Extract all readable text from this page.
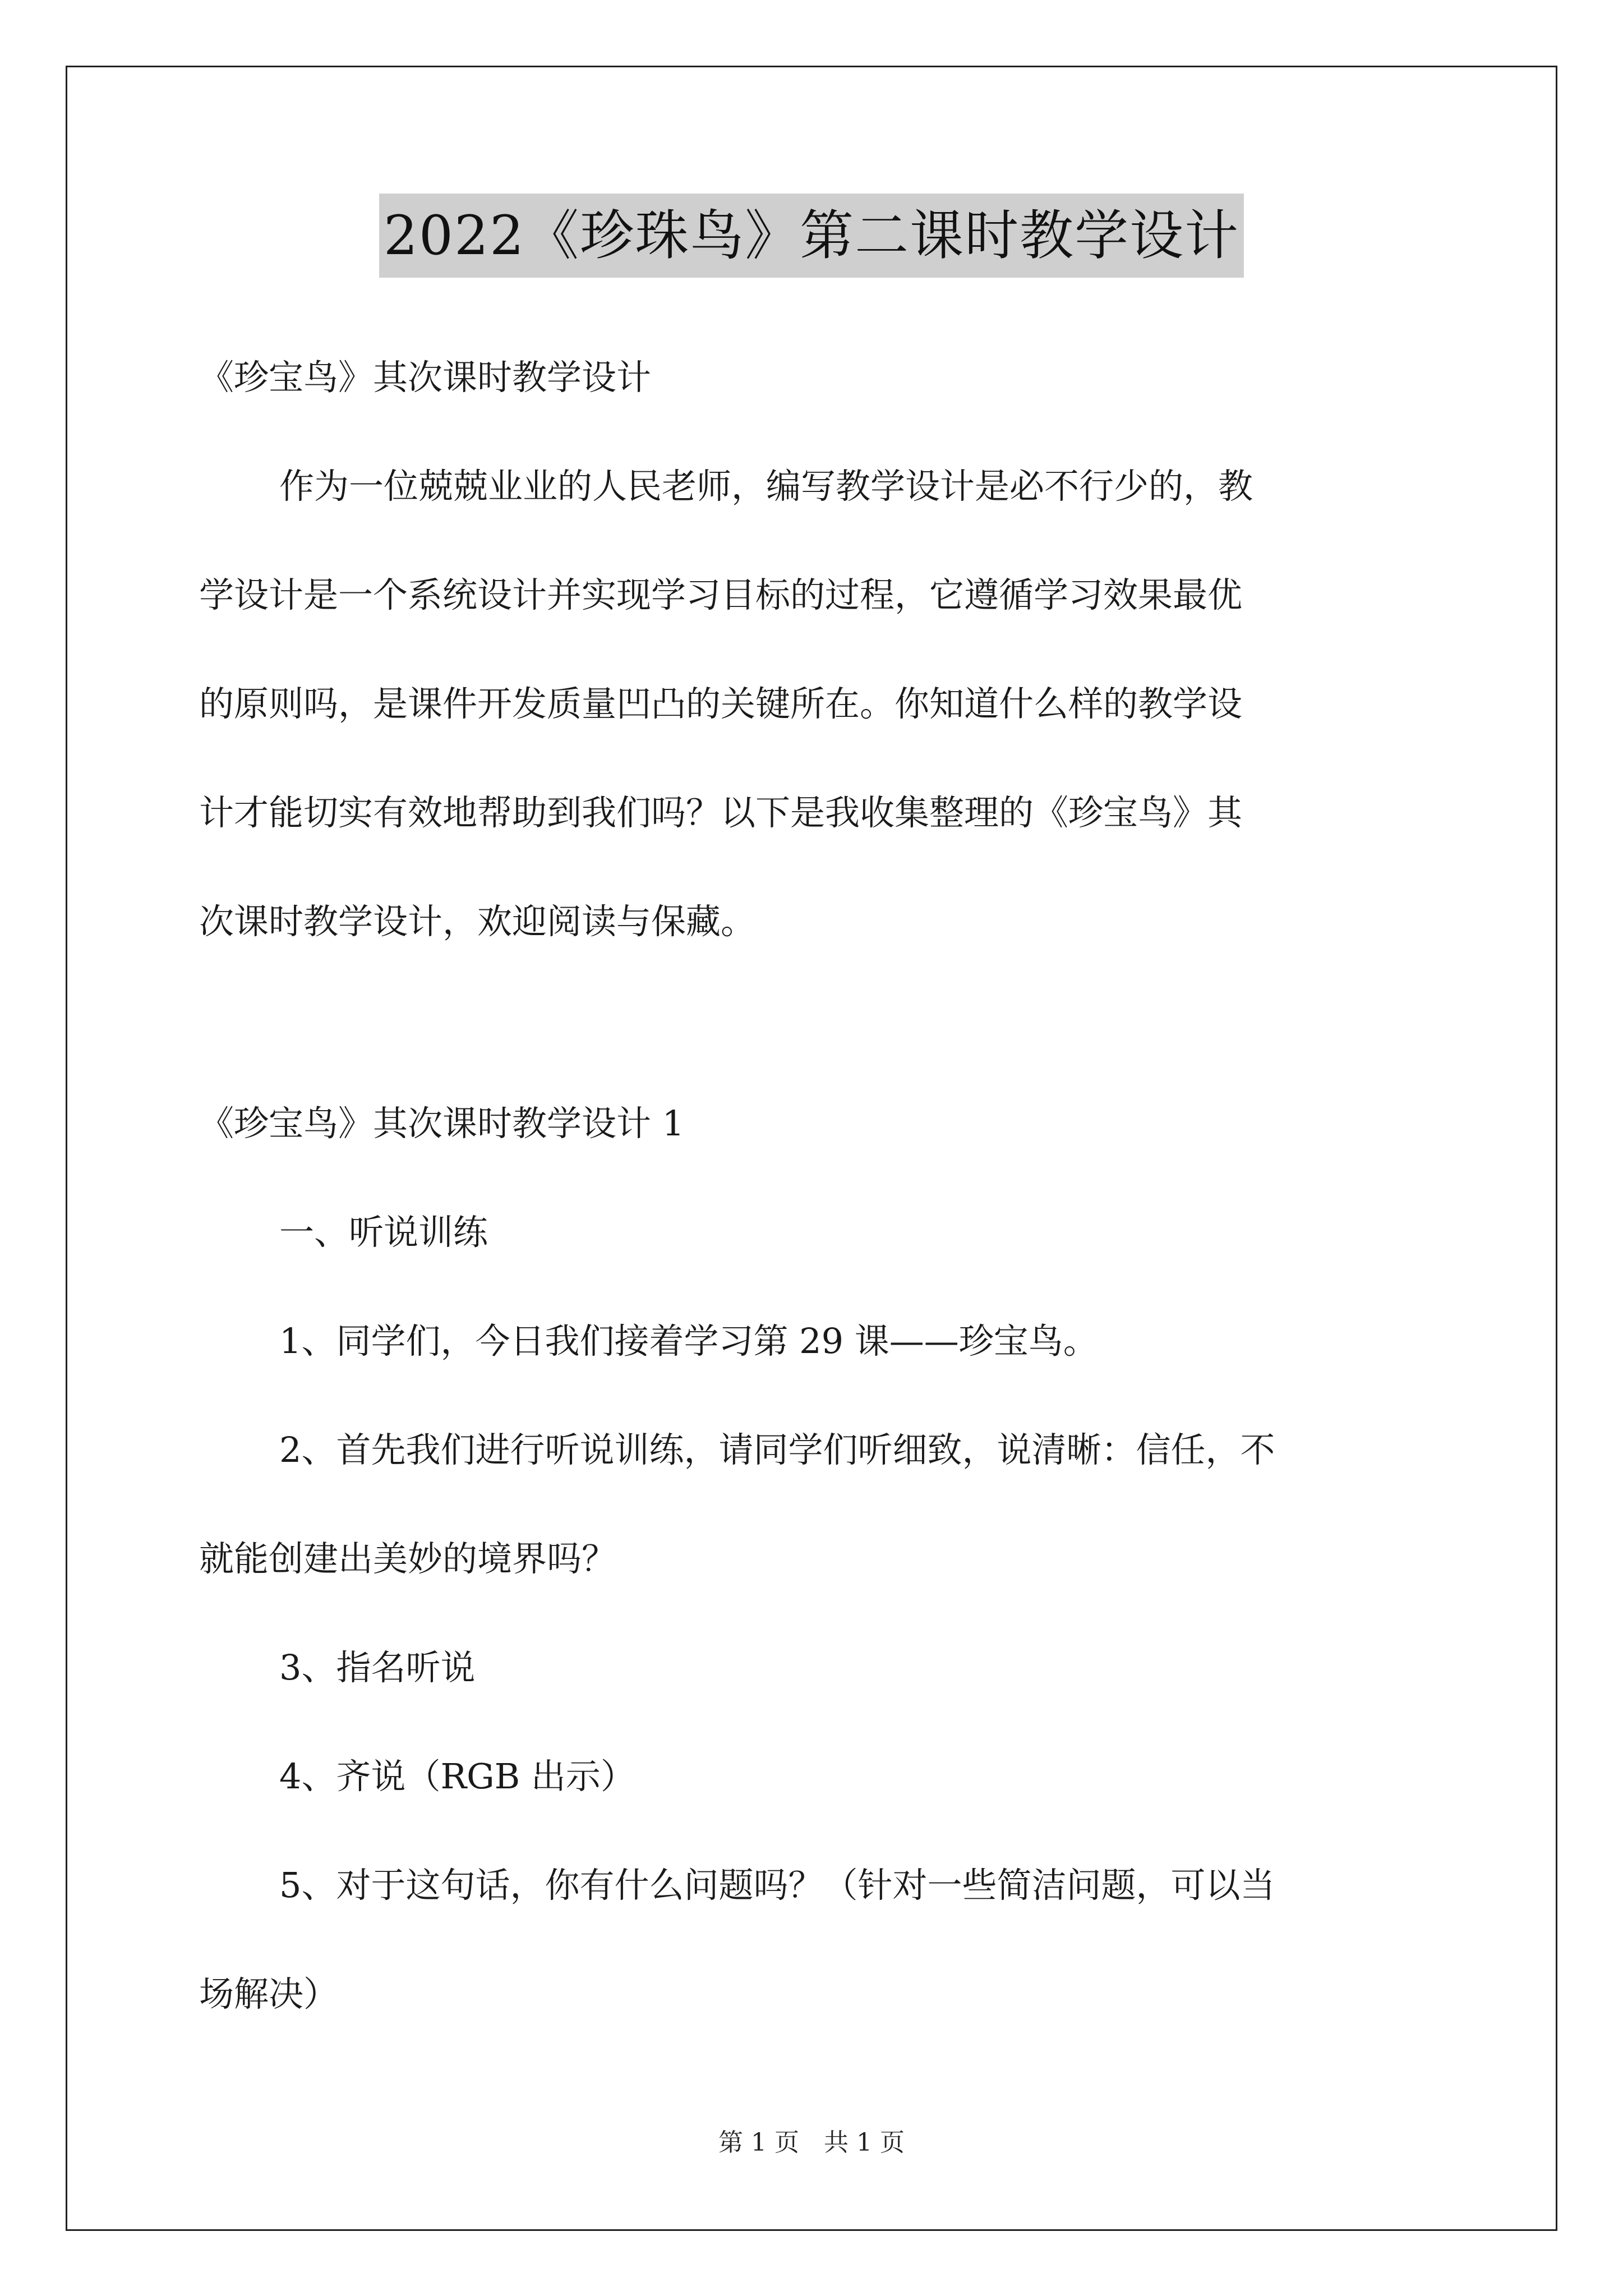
2022《珍珠鸟》第二课时教学设计
《珍宝鸟》其次课时教学设计
作为一位兢兢业业的人民老师，编写教学设计是必不行少的，教
学设计是一个系统设计并实现学习目标的过程，它遵循学习效果最优
的原则吗，是课件开发质量凹凸的关键所在。你知道什么样的教学设
计才能切实有效地帮助到我们吗？以下是我收集整理的《珍宝鸟》其
次课时教学设计，欢迎阅读与保藏。
《珍宝鸟》其次课时教学设计 1
一、听说训练
1、同学们，今日我们接着学习第 29 课——珍宝鸟。
2、首先我们进行听说训练，请同学们听细致，说清晰：信任，不
就能创建出美妙的境界吗？
3、指名听说
4、齐说（RGB 出示）
5、对于这句话，你有什么问题吗？（针对一些简洁问题，可以当
场解决）
第 1 页　共 1 页
